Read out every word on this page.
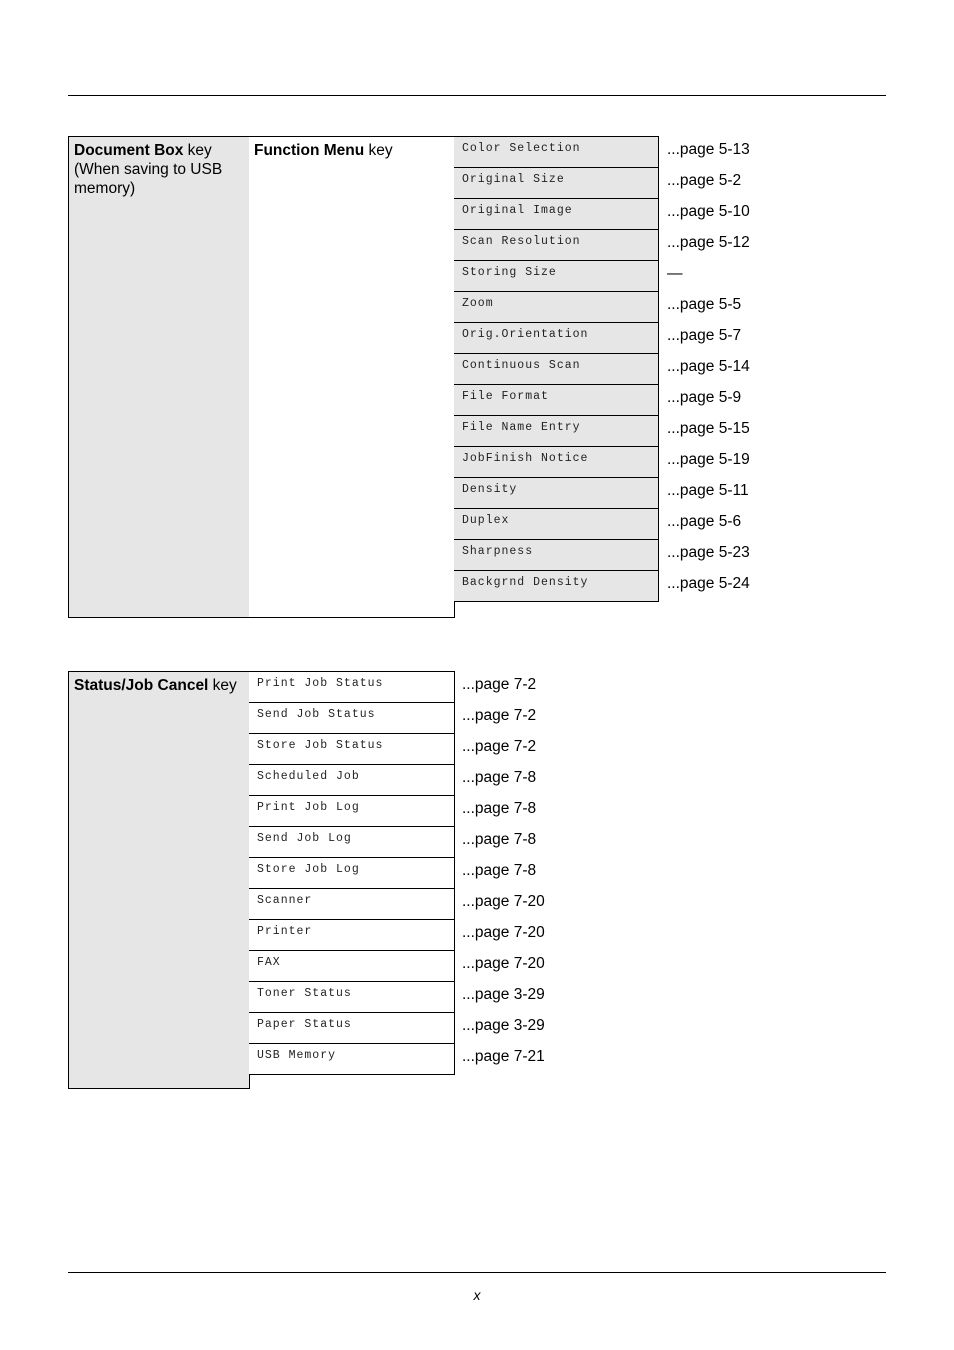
Document Box key
(When saving to USB memory)
Function Menu key	Color Selection	...page 5-13
Original Size	...page 5-2
Original Image	...page 5-10
Scan Resolution	...page 5-12
Storing Size	—
Zoom	...page 5-5
Orig.Orientation	...page 5-7
Continuous Scan	...page 5-14
File Format	...page 5-9
File Name Entry	...page 5-15
JobFinish Notice	...page 5-19
Density	...page 5-11
Duplex	...page 5-6
Sharpness	...page 5-23
Backgrnd Density	...page 5-24
Status/Job Cancel key	Print Job Status	...page 7-2
Send Job Status	...page 7-2
Store Job Status	...page 7-2
Scheduled Job	...page 7-8
Print Job Log	...page 7-8
Send Job Log	...page 7-8
Store Job Log	...page 7-8
Scanner	...page 7-20
Printer	...page 7-20
FAX	...page 7-20
Toner Status	...page 3-29
Paper Status	...page 3-29
USB Memory	...page 7-21
x
